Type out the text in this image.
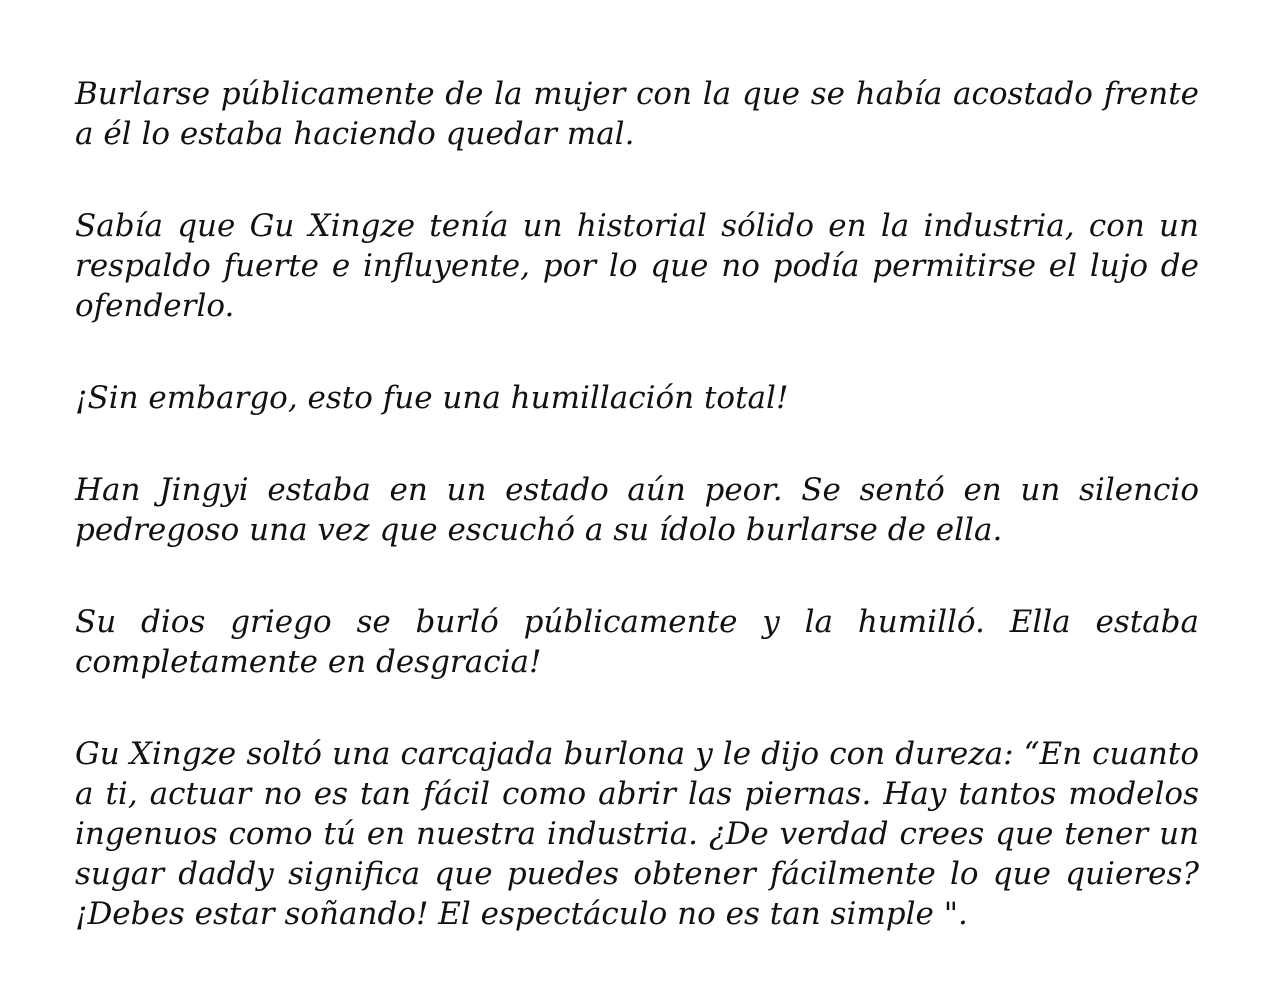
Burlarse públicamente de la mujer con la que se había acostado frente a él lo estaba haciendo quedar mal.

Sabía que Gu Xingze tenía un historial sólido en la industria, con un respaldo fuerte e influyente, por lo que no podía permitirse el lujo de ofenderlo.

¡Sin embargo, esto fue una humillación total!

Han Jingyi estaba en un estado aún peor. Se sentó en un silencio pedregoso una vez que escuchó a su ídolo burlarse de ella.

Su dios griego se burló públicamente y la humilló. Ella estaba completamente en desgracia!

Gu Xingze soltó una carcajada burlona y le dijo con dureza: “En cuanto a ti, actuar no es tan fácil como abrir las piernas. Hay tantos modelos ingenuos como tú en nuestra industria. ¿De verdad crees que tener un sugar daddy significa que puedes obtener fácilmente lo que quieres? ¡Debes estar soñando! El espectáculo no es tan simple ".
